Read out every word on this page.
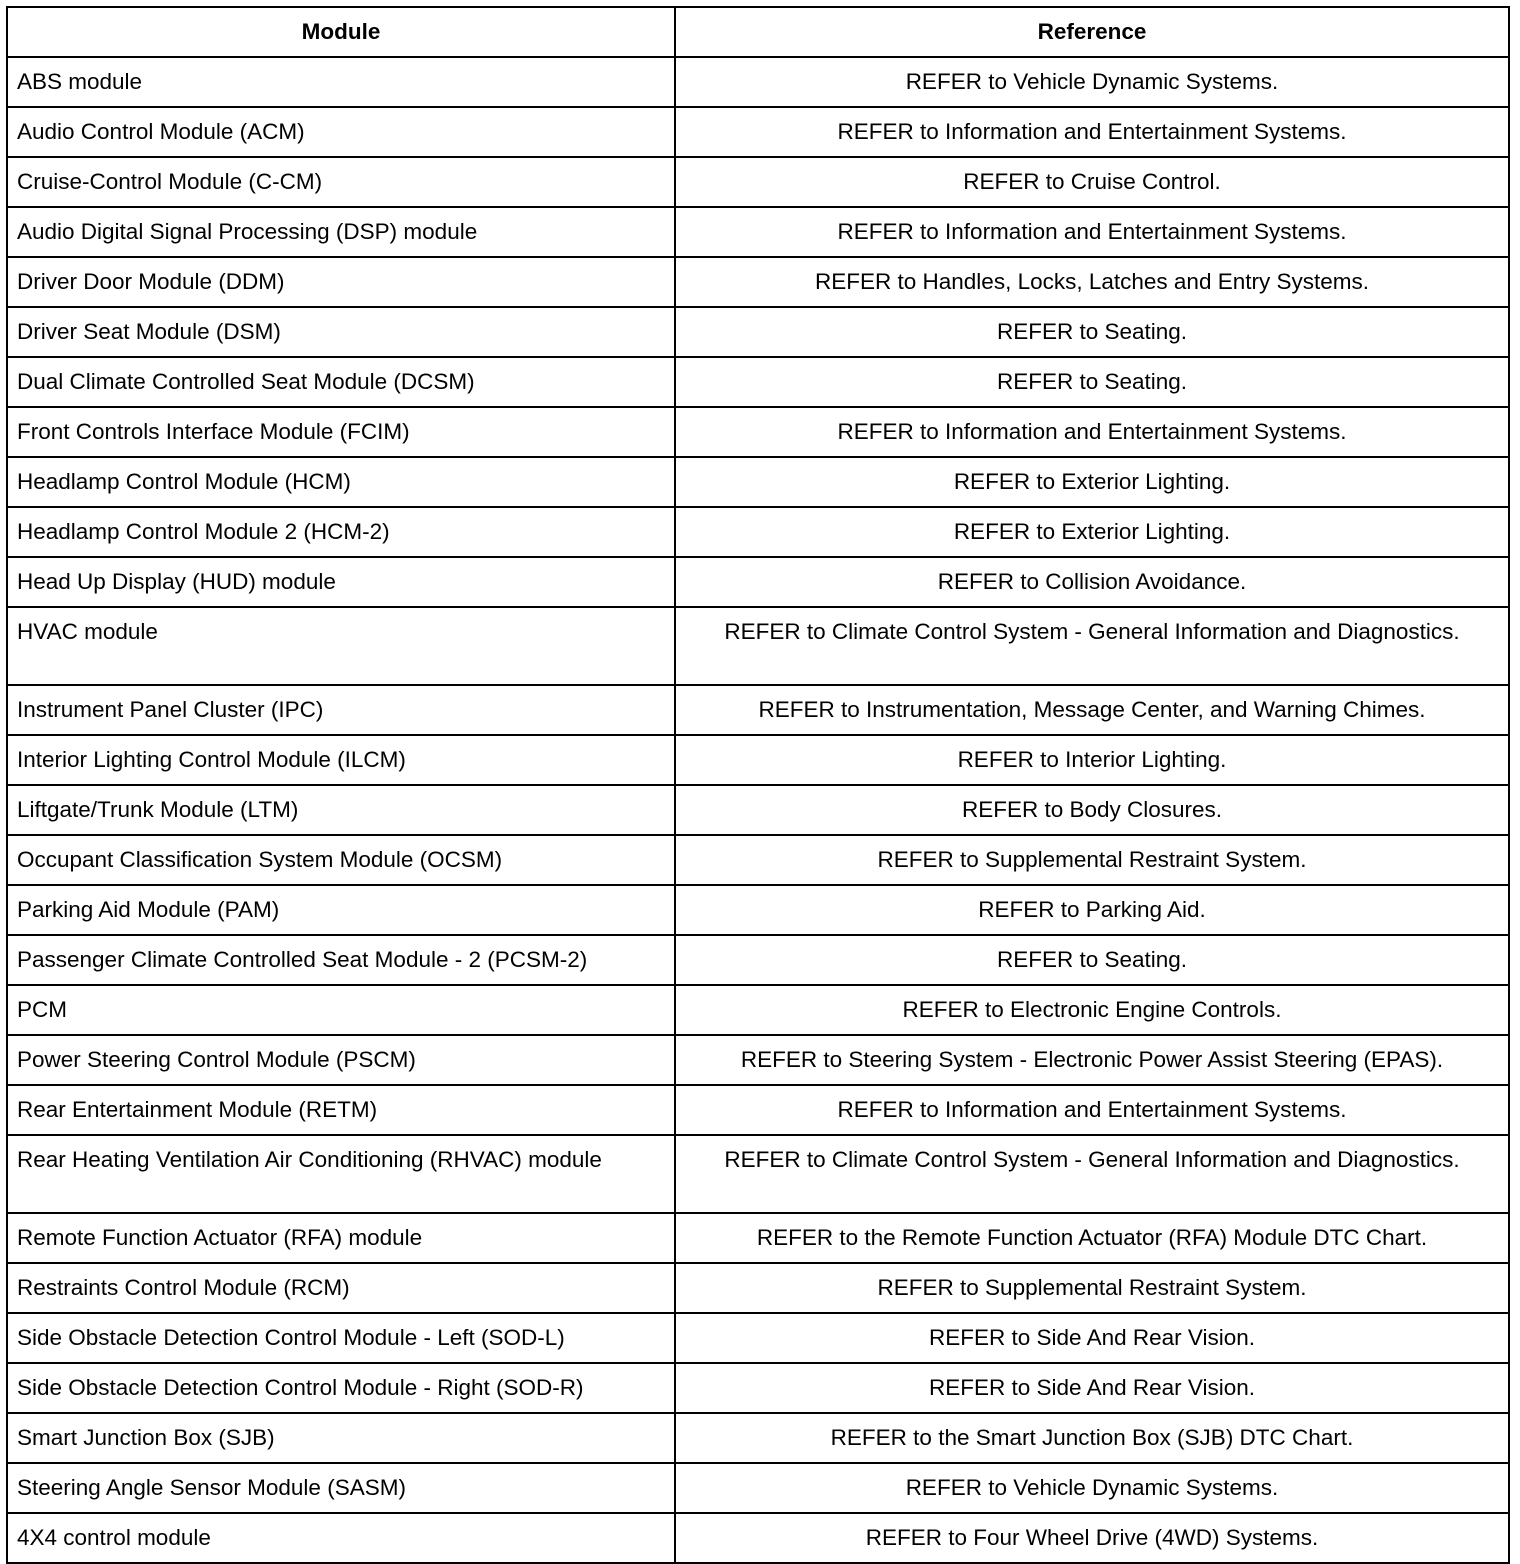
Module	Reference
ABS module	REFER to Vehicle Dynamic Systems.
Audio Control Module (ACM)	REFER to Information and Entertainment Systems.
Cruise-Control Module (C-CM)	REFER to Cruise Control.
Audio Digital Signal Processing (DSP) module	REFER to Information and Entertainment Systems.
Driver Door Module (DDM)	REFER to Handles, Locks, Latches and Entry Systems.
Driver Seat Module (DSM)	REFER to Seating.
Dual Climate Controlled Seat Module (DCSM)	REFER to Seating.
Front Controls Interface Module (FCIM)	REFER to Information and Entertainment Systems.
Headlamp Control Module (HCM)	REFER to Exterior Lighting.
Headlamp Control Module 2 (HCM-2)	REFER to Exterior Lighting.
Head Up Display (HUD) module	REFER to Collision Avoidance.
HVAC module	REFER to Climate Control System - General Information and Diagnostics.
Instrument Panel Cluster (IPC)	REFER to Instrumentation, Message Center, and Warning Chimes.
Interior Lighting Control Module (ILCM)	REFER to Interior Lighting.
Liftgate/Trunk Module (LTM)	REFER to Body Closures.
Occupant Classification System Module (OCSM)	REFER to Supplemental Restraint System.
Parking Aid Module (PAM)	REFER to Parking Aid.
Passenger Climate Controlled Seat Module - 2 (PCSM-2)	REFER to Seating.
PCM	REFER to Electronic Engine Controls.
Power Steering Control Module (PSCM)	REFER to Steering System - Electronic Power Assist Steering (EPAS).
Rear Entertainment Module (RETM)	REFER to Information and Entertainment Systems.
Rear Heating Ventilation Air Conditioning (RHVAC) module	REFER to Climate Control System - General Information and Diagnostics.
Remote Function Actuator (RFA) module	REFER to the Remote Function Actuator (RFA) Module DTC Chart.
Restraints Control Module (RCM)	REFER to Supplemental Restraint System.
Side Obstacle Detection Control Module - Left (SOD-L)	REFER to Side And Rear Vision.
Side Obstacle Detection Control Module - Right (SOD-R)	REFER to Side And Rear Vision.
Smart Junction Box (SJB)	REFER to the Smart Junction Box (SJB) DTC Chart.
Steering Angle Sensor Module (SASM)	REFER to Vehicle Dynamic Systems.
4X4 control module	REFER to Four Wheel Drive (4WD) Systems.
